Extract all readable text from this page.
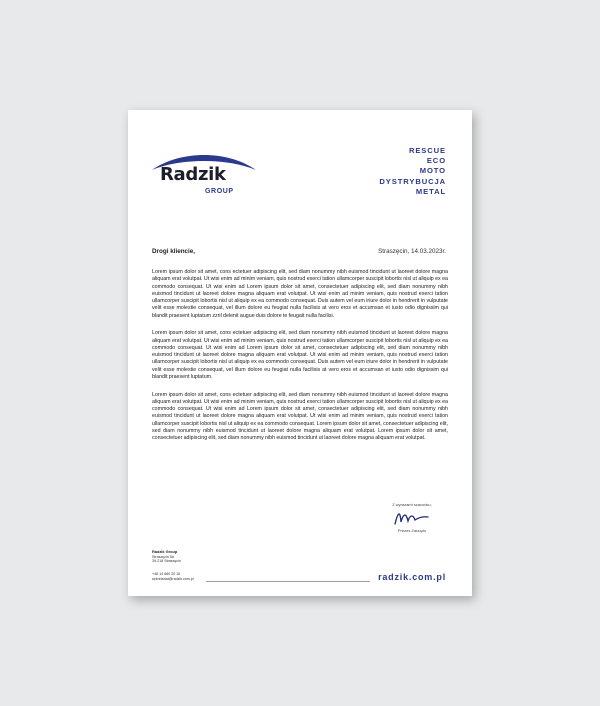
Radzik
GROUP
RESCUE
ECO
MOTO
DYSTRYBUCJA
METAL
Drogi kliencie,	Straszęcin, 14.03.2023r.

Lorem ipsum dolor sit amet, cons ectetuer adipiscing elit, sed diam nonummy nibh euismod tincidunt ut laoreet dolore magna aliquam erat volutpat. Ut wisi enim ad minim veniam, quis nostrud exerci tation ullamcorper suscipit lobortis nisl ut aliquip ex ea commodo consequat. Ut wisi enim ad Lorem ipsum dolor sit amet, consectetuer adipiscing elit, sed diam nonummy nibh euismod tincidunt ut laoreet dolore magna aliquam erat volutpat. Ut wisi enim ad minim veniam, quis nostrud exerci tation ullamcorper suscipit lobortis nisl ut aliquip ex ea commodo consequat. Duis autem vel eum iriure dolor in hendrerit in vulputate velit esse molestie consequat, vel illum dolore eu feugiat nulla facilisis at vero eros et accumsan et iusto odio dignissim qui blandit praesent luptatum zzril delenit augue duis dolore te feugait nulla facilisi.

Lorem ipsum dolor sit amet, cons ectetuer adipiscing elit, sed diam nonummy nibh euismod tincidunt ut laoreet dolore magna aliquam erat volutpat. Ut wisi enim ad minim veniam, quis nostrud exerci tation ullamcorper suscipit lobortis nisl ut aliquip ex ea commodo consequat. Ut wisi enim ad Lorem ipsum dolor sit amet, consectetuer adipiscing elit, sed diam nonummy nibh euismod tincidunt ut laoreet dolore magna aliquam erat volutpat. Ut wisi enim ad minim veniam, quis nostrud exerci tation ullamcorper suscipit lobortis nisl ut aliquip ex ea commodo consequat. Duis autem vel eum iriure dolor in hendrerit in vulputate velit esse molestie consequat, vel illum dolore eu feugiat nulla facilisis at vero eros et accumsan et iusto odio dignissim qui blandit praesent luptatum.

Lorem ipsum dolor sit amet, cons ectetuer adipiscing elit, sed diam nonummy nibh euismod tincidunt ut laoreet dolore magna aliquam erat volutpat. Ut wisi enim ad minim veniam, quis nostrud exerci tation ullamcorper suscipit lobortis nisl ut aliquip ex ea commodo consequat. Ut wisi enim ad Lorem ipsum dolor sit amet, consectetuer adipiscing elit, sed diam nonummy nibh euismod tincidunt ut laoreet dolore magna aliquam erat volutpat. Ut wisi enim ad minim veniam, quis nostrud exerci tation ullamcorper suscipit lobortis nisl ut aliquip ex ea commodo consequat. Lorem ipsum dolor sit amet, consectetuer adipiscing elit, sed diam nonummy nibh euismod tincidunt ut laoreet dolore magna aliquam erat volutpat. Lorem ipsum dolor sit amet, consectetuer adipiscing elit, sed diam nonummy nibh euismod tincidunt ut laoreet dolore magna aliquam erat volutpat.

Z wyrazami szacunku,
Prezes Zarządu
Radzik Group
Straszęcin 5A
39-218 Straszęcin
+48 14 680 20 16
sekretariat@radzik.com.pl	radzik.com.pl
